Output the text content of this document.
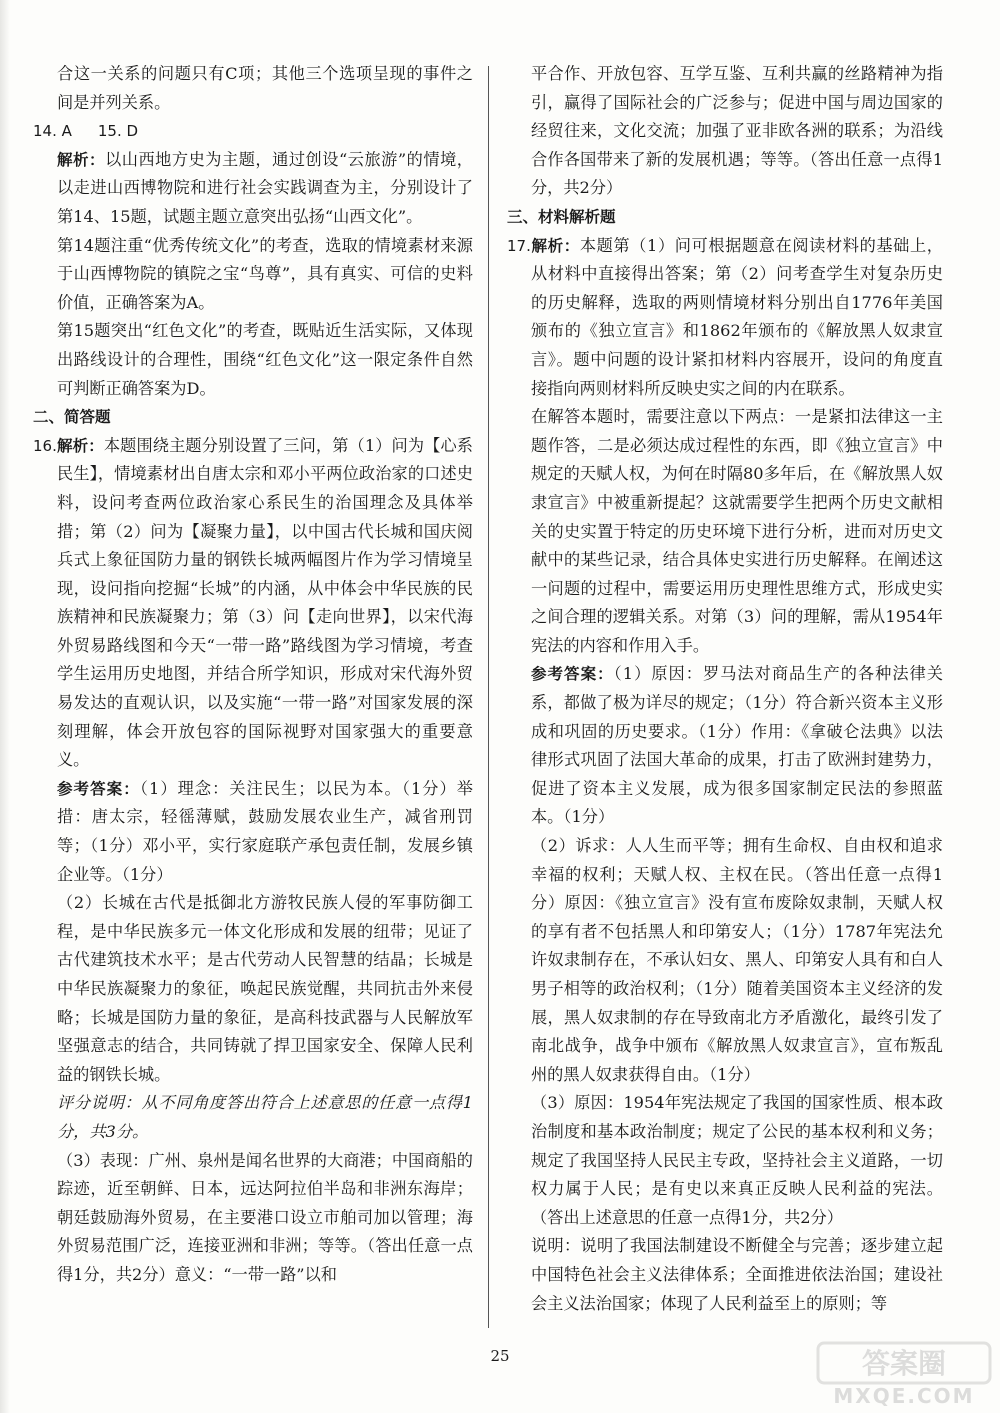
合这一关系的问题只有C项；其他三个选项呈现的事件之间是并列关系。

14. A 15. D

解析：以山西地方史为主题，通过创设“云旅游”的情境，以走进山西博物院和进行社会实践调查为主，分别设计了第14、15题，试题主题立意突出弘扬“山西文化”。

第14题注重“优秀传统文化”的考查，选取的情境素材来源于山西博物院的镇院之宝“鸟尊”，具有真实、可信的史料价值，正确答案为A。

第15题突出“红色文化”的考查，既贴近生活实际，又体现出路线设计的合理性，围绕“红色文化”这一限定条件自然可判断正确答案为D。

二、简答题

16.解析：本题围绕主题分别设置了三问，第（1）问为【心系民生】，情境素材出自唐太宗和邓小平两位政治家的口述史料，设问考查两位政治家心系民生的治国理念及具体举措；第（2）问为【凝聚力量】，以中国古代长城和国庆阅兵式上象征国防力量的钢铁长城两幅图片作为学习情境呈现，设问指向挖掘“长城”的内涵，从中体会中华民族的民族精神和民族凝聚力；第（3）问【走向世界】，以宋代海外贸易路线图和今天“一带一路”路线图为学习情境，考查学生运用历史地图，并结合所学知识，形成对宋代海外贸易发达的直观认识，以及实施“一带一路”对国家发展的深刻理解，体会开放包容的国际视野对国家强大的重要意义。

参考答案：（1）理念：关注民生；以民为本。（1分）举措：唐太宗，轻徭薄赋，鼓励发展农业生产，减省刑罚等；（1分）邓小平，实行家庭联产承包责任制，发展乡镇企业等。（1分）

（2）长城在古代是抵御北方游牧民族人侵的军事防御工程，是中华民族多元一体文化形成和发展的纽带；见证了古代建筑技术水平；是古代劳动人民智慧的结晶；长城是中华民族凝聚力的象征，唤起民族觉醒，共同抗击外来侵略；长城是国防力量的象征，是高科技武器与人民解放军坚强意志的结合，共同铸就了捍卫国家安全、保障人民利益的钢铁长城。

评分说明：从不同角度答出符合上述意思的任意一点得1分，共3分。

（3）表现：广州、泉州是闻名世界的大商港；中国商船的踪迹，近至朝鲜、日本，远达阿拉伯半岛和非洲东海岸；朝廷鼓励海外贸易，在主要港口设立市舶司加以管理；海外贸易范围广泛，连接亚洲和非洲；等等。（答出任意一点得1分，共2分）意义：“一带一路”以和

平合作、开放包容、互学互鉴、互利共赢的丝路精神为指引，赢得了国际社会的广泛参与；促进中国与周边国家的经贸往来，文化交流；加强了亚非欧各洲的联系；为沿线合作各国带来了新的发展机遇；等等。（答出任意一点得1分，共2分）

三、材料解析题

17.解析：本题第（1）问可根据题意在阅读材料的基础上，从材料中直接得出答案；第（2）问考查学生对复杂历史的历史解释，选取的两则情境材料分别出自1776年美国颁布的《独立宣言》和1862年颁布的《解放黑人奴隶宣言》。题中问题的设计紧扣材料内容展开，设问的角度直接指向两则材料所反映史实之间的内在联系。

在解答本题时，需要注意以下两点：一是紧扣法律这一主题作答，二是必须达成过程性的东西，即《独立宣言》中规定的天赋人权，为何在时隔80多年后，在《解放黑人奴隶宣言》中被重新提起？这就需要学生把两个历史文献相关的史实置于特定的历史环境下进行分析，进而对历史文献中的某些记录，结合具体史实进行历史解释。在阐述这一问题的过程中，需要运用历史理性思维方式，形成史实之间合理的逻辑关系。对第（3）问的理解，需从1954年宪法的内容和作用入手。

参考答案：（1）原因：罗马法对商品生产的各种法律关系，都做了极为详尽的规定；（1分）符合新兴资本主义形成和巩固的历史要求。（1分）作用：《拿破仑法典》以法律形式巩固了法国大革命的成果，打击了欧洲封建势力，促进了资本主义发展，成为很多国家制定民法的参照蓝本。（1分）

（2）诉求：人人生而平等；拥有生命权、自由权和追求幸福的权利；天赋人权、主权在民。（答出任意一点得1分）原因：《独立宣言》没有宣布废除奴隶制，天赋人权的享有者不包括黑人和印第安人；（1分）1787年宪法允许奴隶制存在，不承认妇女、黑人、印第安人具有和白人男子相等的政治权利；（1分）随着美国资本主义经济的发展，黑人奴隶制的存在导致南北方矛盾激化，最终引发了南北战争，战争中颁布《解放黑人奴隶宣言》，宣布叛乱州的黑人奴隶获得自由。（1分）

（3）原因：1954年宪法规定了我国的国家性质、根本政治制度和基本政治制度；规定了公民的基本权利和义务；规定了我国坚持人民民主专政，坚持社会主义道路，一切权力属于人民；是有史以来真正反映人民利益的宪法。（答出上述意思的任意一点得1分，共2分）

说明：说明了我国法制建设不断健全与完善；逐步建立起中国特色社会主义法律体系；全面推进依法治国；建设社会主义法治国家；体现了人民利益至上的原则；等

25	答案圈
MXQE.COM
